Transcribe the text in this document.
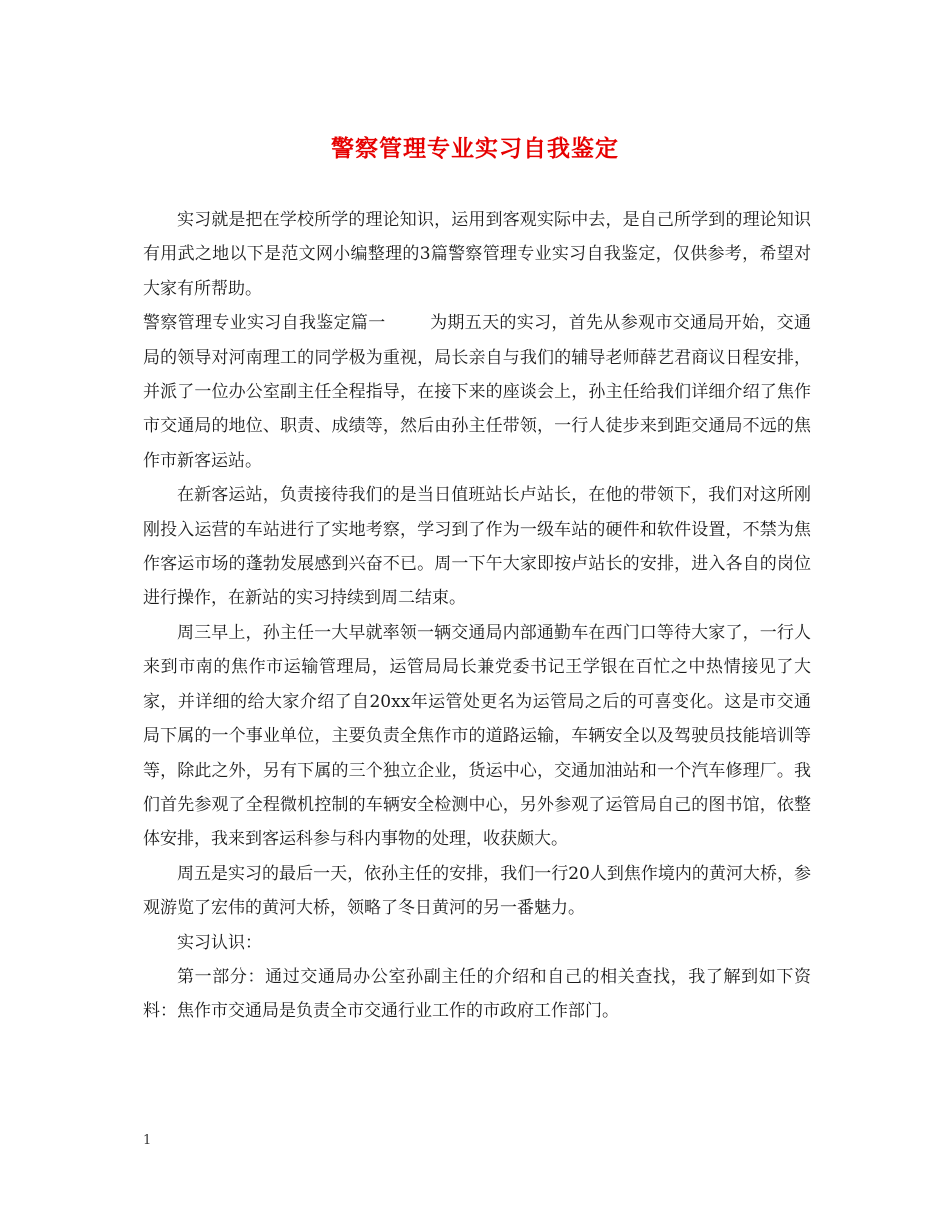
警察管理专业实习自我鉴定

实习就是把在学校所学的理论知识，运用到客观实际中去，是自己所学到的理论知识有用武之地以下是范文网小编整理的3篇警察管理专业实习自我鉴定，仅供参考，希望对大家有所帮助。

警察管理专业实习自我鉴定篇一	为期五天的实习，首先从参观市交通局开始，交通局的领导对河南理工的同学极为重视，局长亲自与我们的辅导老师薛艺君商议日程安排，并派了一位办公室副主任全程指导，在接下来的座谈会上，孙主任给我们详细介绍了焦作市交通局的地位、职责、成绩等，然后由孙主任带领，一行人徒步来到距交通局不远的焦作市新客运站。

在新客运站，负责接待我们的是当日值班站长卢站长，在他的带领下，我们对这所刚刚投入运营的车站进行了实地考察，学习到了作为一级车站的硬件和软件设置，不禁为焦作客运市场的蓬勃发展感到兴奋不已。周一下午大家即按卢站长的安排，进入各自的岗位进行操作，在新站的实习持续到周二结束。

周三早上，孙主任一大早就率领一辆交通局内部通勤车在西门口等待大家了，一行人来到市南的焦作市运输管理局，运管局局长兼党委书记王学银在百忙之中热情接见了大家，并详细的给大家介绍了自20xx年运管处更名为运管局之后的可喜变化。这是市交通局下属的一个事业单位，主要负责全焦作市的道路运输，车辆安全以及驾驶员技能培训等等，除此之外，另有下属的三个独立企业，货运中心，交通加油站和一个汽车修理厂。我们首先参观了全程微机控制的车辆安全检测中心，另外参观了运管局自己的图书馆，依整体安排，我来到客运科参与科内事物的处理，收获颇大。

周五是实习的最后一天，依孙主任的安排，我们一行20人到焦作境内的黄河大桥，参观游览了宏伟的黄河大桥，领略了冬日黄河的另一番魅力。

实习认识：

第一部分：通过交通局办公室孙副主任的介绍和自己的相关查找，我了解到如下资料：焦作市交通局是负责全市交通行业工作的市政府工作部门。

1
